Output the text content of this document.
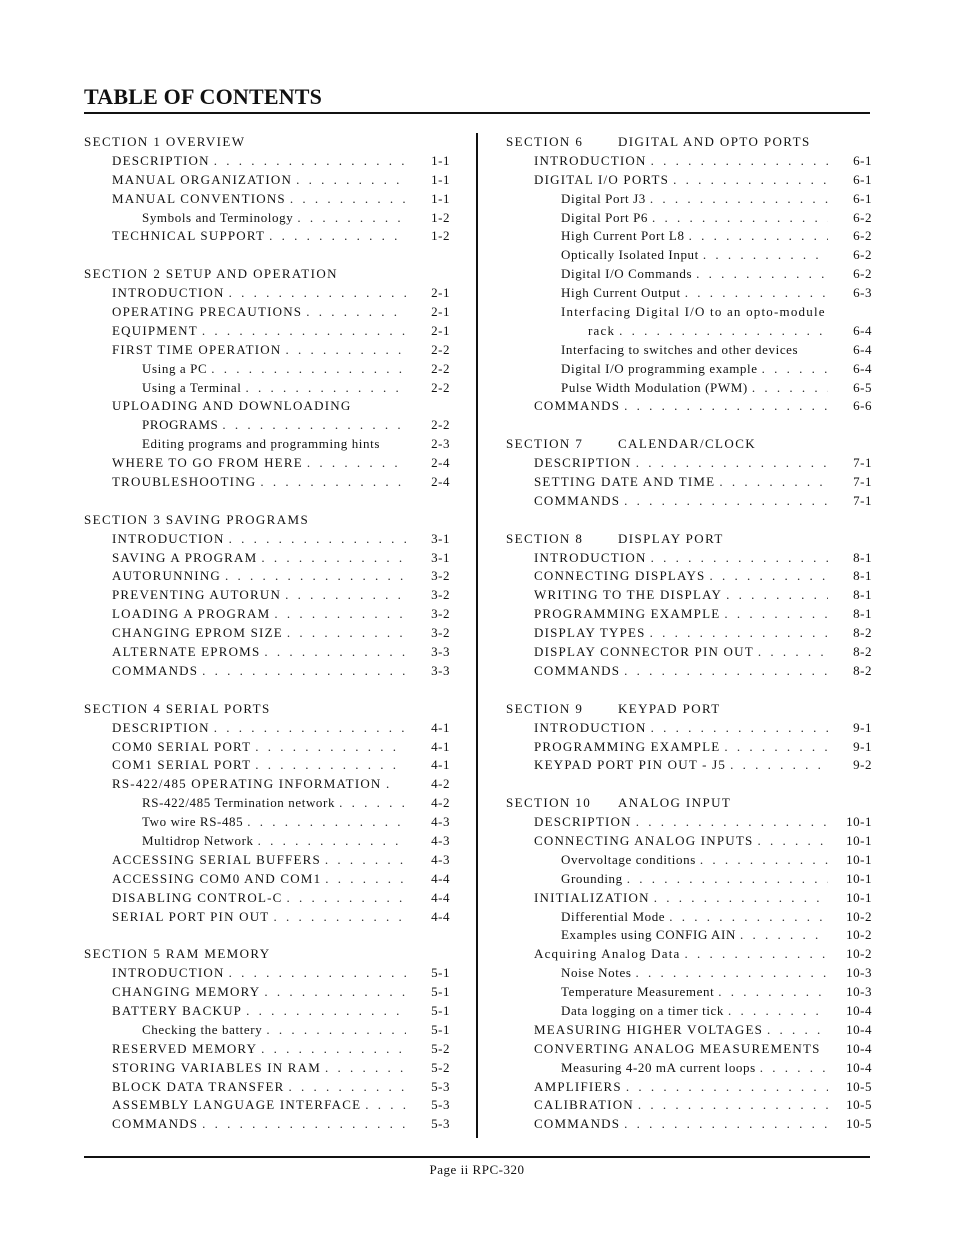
TABLE OF CONTENTS
SECTION 1 OVERVIEW
DESCRIPTION . . .	1-1
MANUAL ORGANIZATION . . .	1-1
MANUAL CONVENTIONS . . .	1-1
Symbols and Terminology . . .	1-2
TECHNICAL SUPPORT . . .	1-2
SECTION 2 SETUP AND OPERATION
INTRODUCTION . . .	2-1
OPERATING PRECAUTIONS . . .	2-1
EQUIPMENT . . .	2-1
FIRST TIME OPERATION . . .	2-2
Using a PC . . .	2-2
Using a Terminal . . .	2-2
UPLOADING AND DOWNLOADING
PROGRAMS . . .	2-2
Editing programs and programming hints	2-3
WHERE TO GO FROM HERE . . .	2-4
TROUBLESHOOTING . . .	2-4
SECTION 3 SAVING PROGRAMS
INTRODUCTION . . .	3-1
SAVING A PROGRAM . . .	3-1
AUTORUNNING . . .	3-2
PREVENTING AUTORUN . . .	3-2
LOADING A PROGRAM . . .	3-2
CHANGING EPROM SIZE . . .	3-2
ALTERNATE EPROMS . . .	3-3
COMMANDS . . .	3-3
SECTION 4 SERIAL PORTS
DESCRIPTION . . .	4-1
COM0 SERIAL PORT . . .	4-1
COM1 SERIAL PORT . . .	4-1
RS-422/485 OPERATING INFORMATION .	4-2
RS-422/485 Termination network . . .	4-2
Two wire RS-485 . . .	4-3
Multidrop Network . . .	4-3
ACCESSING SERIAL BUFFERS . . .	4-3
ACCESSING COM0 AND COM1 . . .	4-4
DISABLING CONTROL-C . . .	4-4
SERIAL PORT PIN OUT . . .	4-4
SECTION 5 RAM MEMORY
INTRODUCTION . . .	5-1
CHANGING MEMORY . . .	5-1
BATTERY BACKUP . . .	5-1
Checking the battery . . .	5-1
RESERVED MEMORY . . .	5-2
STORING VARIABLES IN RAM . . .	5-2
BLOCK DATA TRANSFER . . .	5-3
ASSEMBLY LANGUAGE INTERFACE . . .	5-3
COMMANDS . . .	5-3
SECTION 6	DIGITAL AND OPTO PORTS
INTRODUCTION . . .	6-1
DIGITAL I/O PORTS . . .	6-1
Digital Port J3 . . .	6-1
Digital Port P6 . . .	6-2
High Current Port L8 . . .	6-2
Optically Isolated Input . . .	6-2
Digital I/O Commands . . .	6-2
High Current Output . . .	6-3
Interfacing Digital I/O to an opto-module
rack . . .	6-4
Interfacing to switches and other devices	6-4
Digital I/O programming example . . .	6-4
Pulse Width Modulation (PWM) . . .	6-5
COMMANDS . . .	6-6
SECTION 7	CALENDAR/CLOCK
DESCRIPTION . . .	7-1
SETTING DATE AND TIME . . .	7-1
COMMANDS . . .	7-1
SECTION 8	DISPLAY PORT
INTRODUCTION . . .	8-1
CONNECTING DISPLAYS . . .	8-1
WRITING TO THE DISPLAY . . .	8-1
PROGRAMMING EXAMPLE . . .	8-1
DISPLAY TYPES . . .	8-2
DISPLAY CONNECTOR PIN OUT . . .	8-2
COMMANDS . . .	8-2
SECTION 9	KEYPAD PORT
INTRODUCTION . . .	9-1
PROGRAMMING EXAMPLE . . .	9-1
KEYPAD PORT PIN OUT - J5 . . .	9-2
SECTION 10 ANALOG INPUT
DESCRIPTION . . .	10-1
CONNECTING ANALOG INPUTS . . .	10-1
Overvoltage conditions . . .	10-1
Grounding . . .	10-1
INITIALIZATION . . .	10-1
Differential Mode . . .	10-2
Examples using CONFIG AIN . . .	10-2
Acquiring Analog Data . . .	10-2
Noise Notes . . .	10-3
Temperature Measurement . . .	10-3
Data logging on a timer tick . . .	10-4
MEASURING HIGHER VOLTAGES . . .	10-4
CONVERTING ANALOG MEASUREMENTS	10-4
Measuring 4-20 mA current loops . . .	10-4
AMPLIFIERS . . .	10-5
CALIBRATION . . .	10-5
COMMANDS . . .	10-5
Page ii RPC-320
